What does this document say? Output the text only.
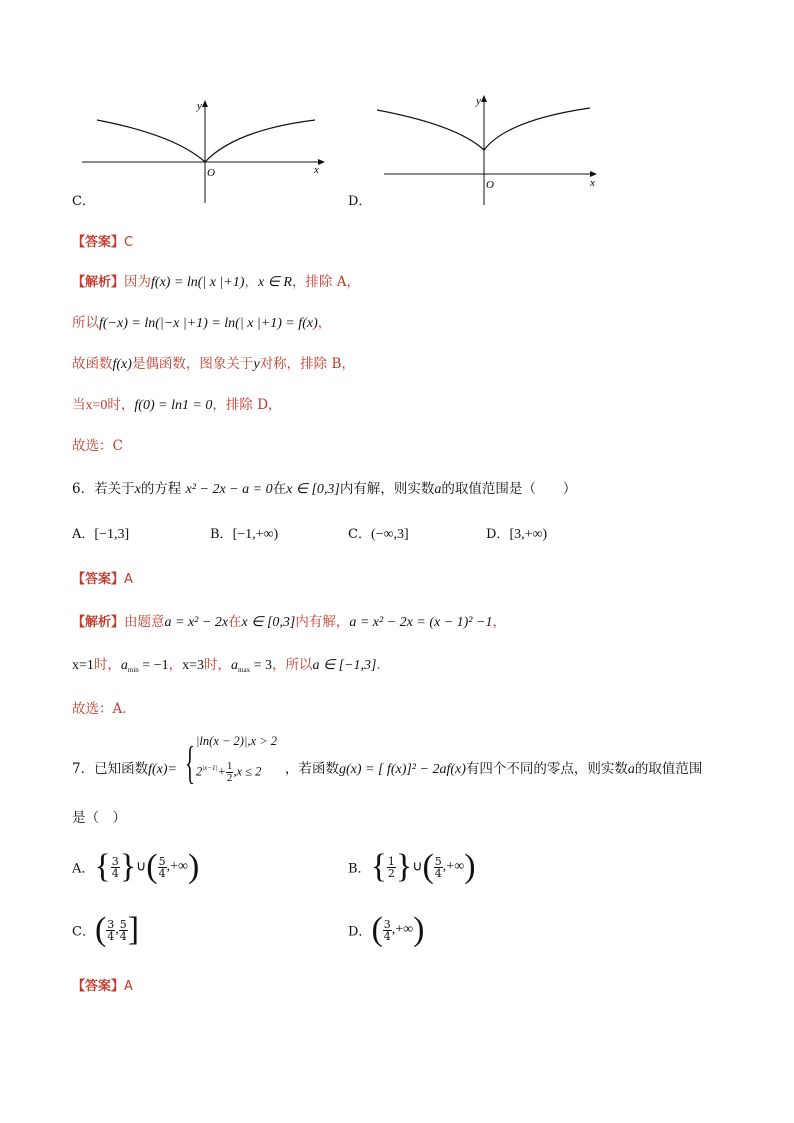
y
x
O
C．
y
x
O
D．
【答案】C
【解析】因为f(x) = ln(| x |+1)，x ∈ R，排除 A，
所以f(−x) = ln(|−x |+1) = ln(| x |+1) = f(x)，
故函数f(x)是偶函数，图象关于y对称，排除 B，
当x=0时，f(0) = ln1 = 0，排除 D，
故选：C
6．若关于x的方程 x² − 2x − a = 0在x ∈ [0,3]内有解，则实数a的取值范围是（　　）
A．[−1,3]	B．[−1,+∞)	C．(−∞,3]	D．[3,+∞)
【答案】A
【解析】由题意a = x² − 2x在x ∈ [0,3]内有解，a = x² − 2x = (x − 1)² −1，
x=1时，$a_{min} = -1$，x=3时，$a_{max} = 3$，所以a ∈ [−1,3]．
故选：A．
7．已知函数f(x)= { |ln(x − 2)|,x > 2
$2^{|x-1|}+ \frac{1}{2} ,x \le 2$ ，若函数g(x) = [ f(x)]² − 2af(x)有四个不同的零点，则实数a的取值范围
是（　）
A．{ $\frac{3}{4}$ }∪( $\frac{5}{4}$ ,+∞)	B．{ $\frac{1}{2}$ }∪( $\frac{5}{4}$ ,+∞)
C．( $\frac{3}{4}$ , $\frac{5}{4}$ ]	D．( $\frac{3}{4}$ ,+∞)
【答案】A
